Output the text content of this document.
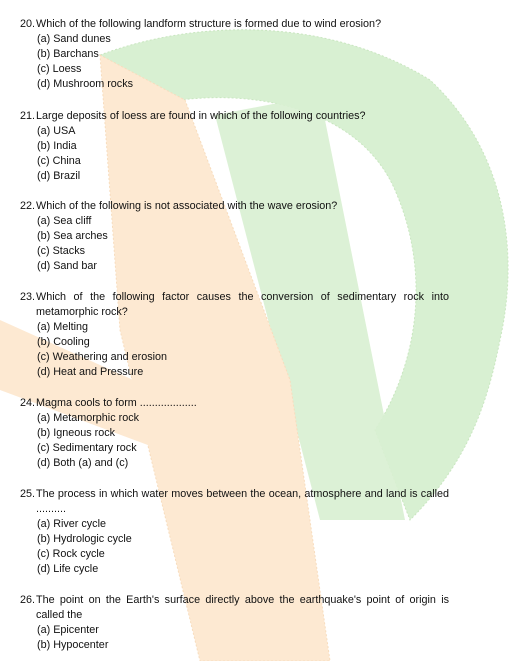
20. Which of the following landform structure is formed due to wind erosion?
(a) Sand dunes
(b) Barchans
(c) Loess
(d) Mushroom rocks
21. Large deposits of loess are found in which of the following countries?
(a) USA
(b) India
(c) China
(d) Brazil
22. Which of the following is not associated with the wave erosion?
(a) Sea cliff
(b) Sea arches
(c) Stacks
(d) Sand bar
23. Which of the following factor causes the conversion of sedimentary rock into metamorphic rock?
(a) Melting
(b) Cooling
(c) Weathering and erosion
(d) Heat and Pressure
24. Magma cools to form ...................
(a) Metamorphic rock
(b) Igneous rock
(c) Sedimentary rock
(d) Both (a) and (c)
25. The process in which water moves between the ocean, atmosphere and land is called ..........
(a) River cycle
(b) Hydrologic cycle
(c) Rock cycle
(d) Life cycle
26. The point on the Earth's surface directly above the earthquake's point of origin is called the
(a) Epicenter
(b) Hypocenter
